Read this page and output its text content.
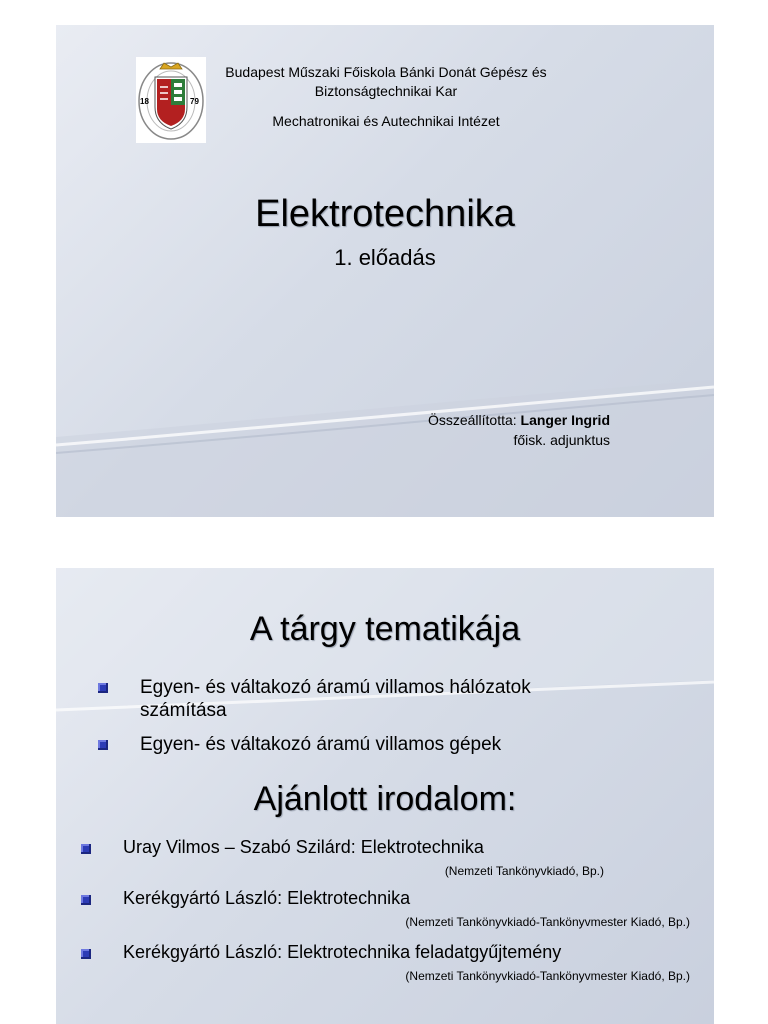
18	79
Budapest Műszaki Főiskola Bánki Donát Gépész és
Biztonságtechnikai Kar
Mechatronikai és Autechnikai Intézet
Elektrotechnika
1. előadás
Összeállította: Langer Ingrid
főisk. adjunktus
A tárgy tematikája
Egyen- és váltakozó áramú villamos hálózatok
számítása
Egyen- és váltakozó áramú villamos gépek
Ajánlott irodalom:
Uray Vilmos – Szabó Szilárd: Elektrotechnika
(Nemzeti Tankönyvkiadó, Bp.)
Kerékgyártó László: Elektrotechnika
(Nemzeti Tankönyvkiadó-Tankönyvmester Kiadó, Bp.)
Kerékgyártó László: Elektrotechnika feladatgyűjtemény
(Nemzeti Tankönyvkiadó-Tankönyvmester Kiadó, Bp.)
